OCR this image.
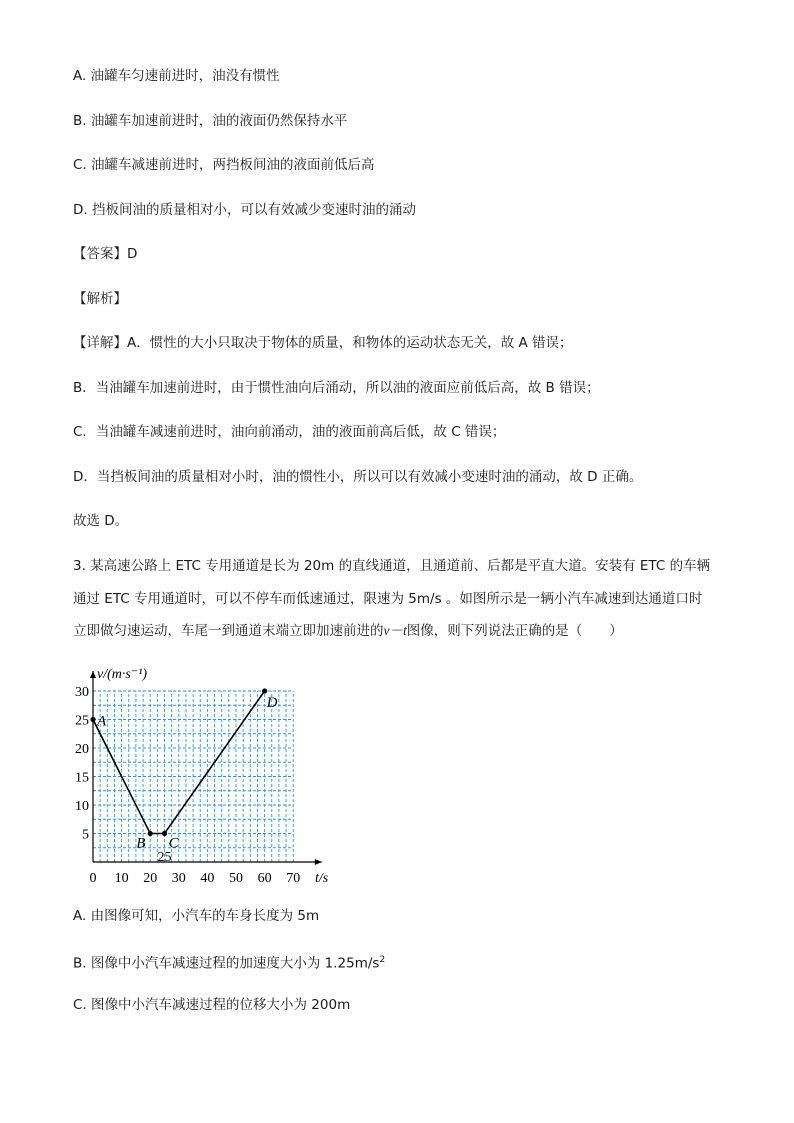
A. 油罐车匀速前进时，油没有惯性
B. 油罐车加速前进时，油的液面仍然保持水平
C. 油罐车减速前进时，两挡板间油的液面前低后高
D. 挡板间油的质量相对小，可以有效减少变速时油的涌动
【答案】D
【解析】
【详解】A．惯性的大小只取决于物体的质量，和物体的运动状态无关，故 A 错误；
B．当油罐车加速前进时，由于惯性油向后涌动，所以油的液面应前低后高，故 B 错误；
C．当油罐车减速前进时，油向前涌动，油的液面前高后低，故 C 错误；
D．当挡板间油的质量相对小时，油的惯性小，所以可以有效减小变速时油的涌动，故 D 正确。
故选 D。
3. 某高速公路上 ETC 专用通道是长为 20m 的直线通道，且通道前、后都是平直大道。安装有 ETC 的车辆
通过 ETC 专用通道时，可以不停车而低速通过，限速为 5m/s 。如图所示是一辆小汽车减速到达通道口时
立即做匀速运动，车尾一到通道末端立即加速前进的v－t图像，则下列说法正确的是（　　）
v/(m·s⁻¹)
t/s
0 10 20 30 40 50 60 70
5
10
15
20
25
30
25
A
B C
D
A. 由图像可知，小汽车的车身长度为 5m
B. 图像中小汽车减速过程的加速度大小为 $1.25m/s^2$
C. 图像中小汽车减速过程的位移大小为 200m
